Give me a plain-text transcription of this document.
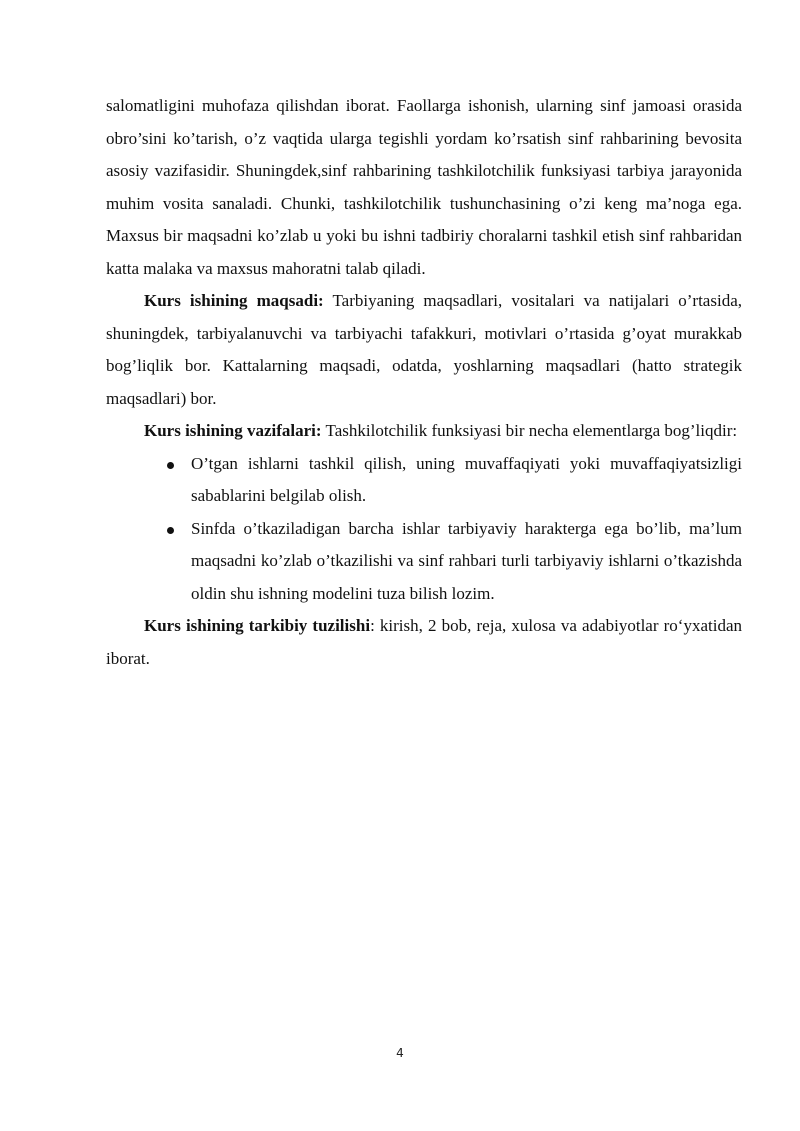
salomatligini muhofaza qilishdan iborat. Faollarga ishonish, ularning sinf jamoasi orasida obro’sini ko’tarish, o’z vaqtida ularga tegishli yordam ko’rsatish sinf rahbarining bevosita asosiy vazifasidir. Shuningdek,sinf rahbarining tashkilotchilik funksiyasi tarbiya jarayonida muhim vosita sanaladi. Chunki, tashkilotchilik tushunchasining o’zi keng ma’noga ega. Maxsus bir maqsadni ko’zlab u yoki bu ishni tadbiriy choralarni tashkil etish sinf rahbaridan katta malaka va maxsus mahoratni talab qiladi.

Kurs ishining maqsadi: Tarbiyaning maqsadlari, vositalari va natijalari o’rtasida, shuningdek, tarbiyalanuvchi va tarbiyachi tafakkuri, motivlari o’rtasida g’oyat murakkab bog’liqlik bor. Kattalarning maqsadi, odatda, yoshlarning maqsadlari (hatto strategik maqsadlari) bor.

Kurs ishining vazifalari: Tashkilotchilik funksiyasi bir necha elementlarga bog’liqdir:

O’tgan ishlarni tashkil qilish, uning muvaffaqiyati yoki muvaffaqiyatsizligi sabablarini belgilab olish.
Sinfda o’tkaziladigan barcha ishlar tarbiyaviy harakterga ega bo’lib, ma’lum maqsadni ko’zlab o’tkazilishi va sinf rahbari turli tarbiyaviy ishlarni o’tkazishda oldin shu ishning modelini tuza bilish lozim.

Kurs ishining tarkibiy tuzilishi: kirish, 2 bob, reja, xulosa va adabiyotlar ro‘yxatidan iborat.

4
